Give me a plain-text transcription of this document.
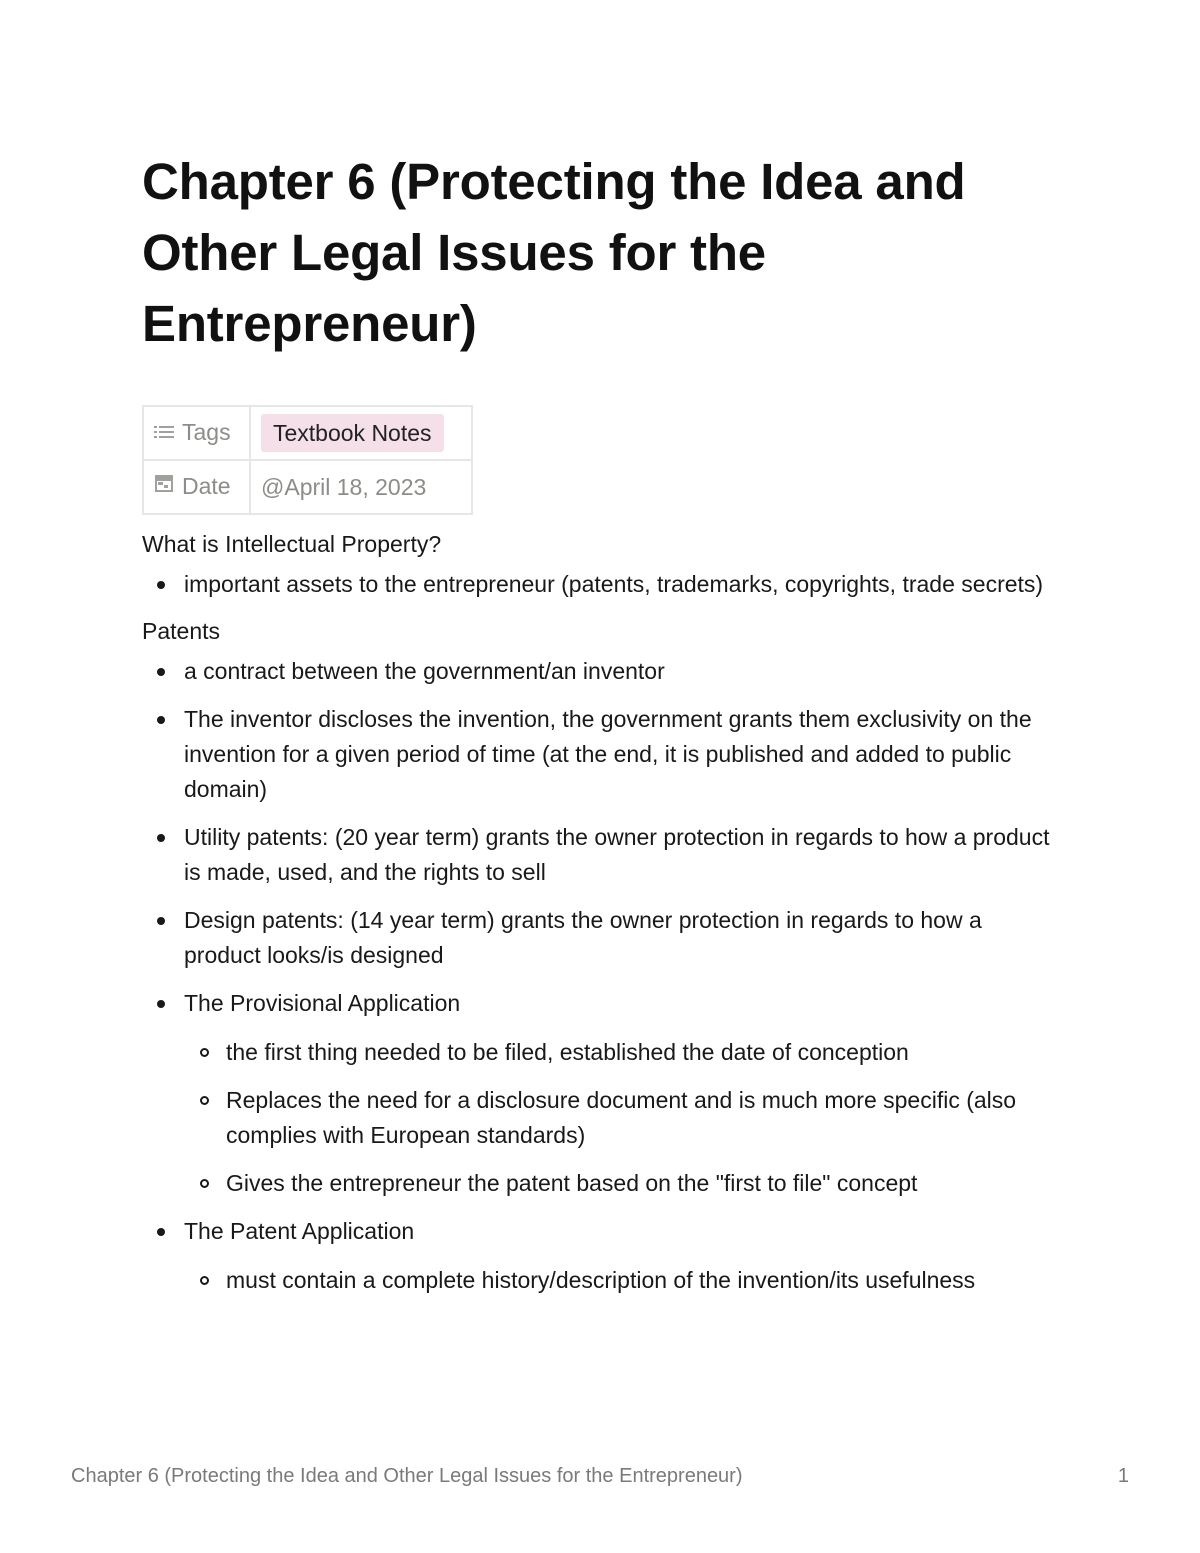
Chapter 6 (Protecting the Idea and Other Legal Issues for the Entrepreneur)
Tags	Textbook Notes
Date	@April 18, 2023

What is Intellectual Property?

important assets to the entrepreneur (patents, trademarks, copyrights, trade secrets)

Patents

a contract between the government/an inventor
The inventor discloses the invention, the government grants them exclusivity on the invention for a given period of time (at the end, it is published and added to public domain)
Utility patents: (20 year term) grants the owner protection in regards to how a product is made, used, and the rights to sell
Design patents: (14 year term) grants the owner protection in regards to how a product looks/is designed
The Provisional Application
the first thing needed to be filed, established the date of conception
Replaces the need for a disclosure document and is much more specific (also complies with European standards)
Gives the entrepreneur the patent based on the "first to file" concept
The Patent Application
must contain a complete history/description of the invention/its usefulness
Chapter 6 (Protecting the Idea and Other Legal Issues for the Entrepreneur)	1
